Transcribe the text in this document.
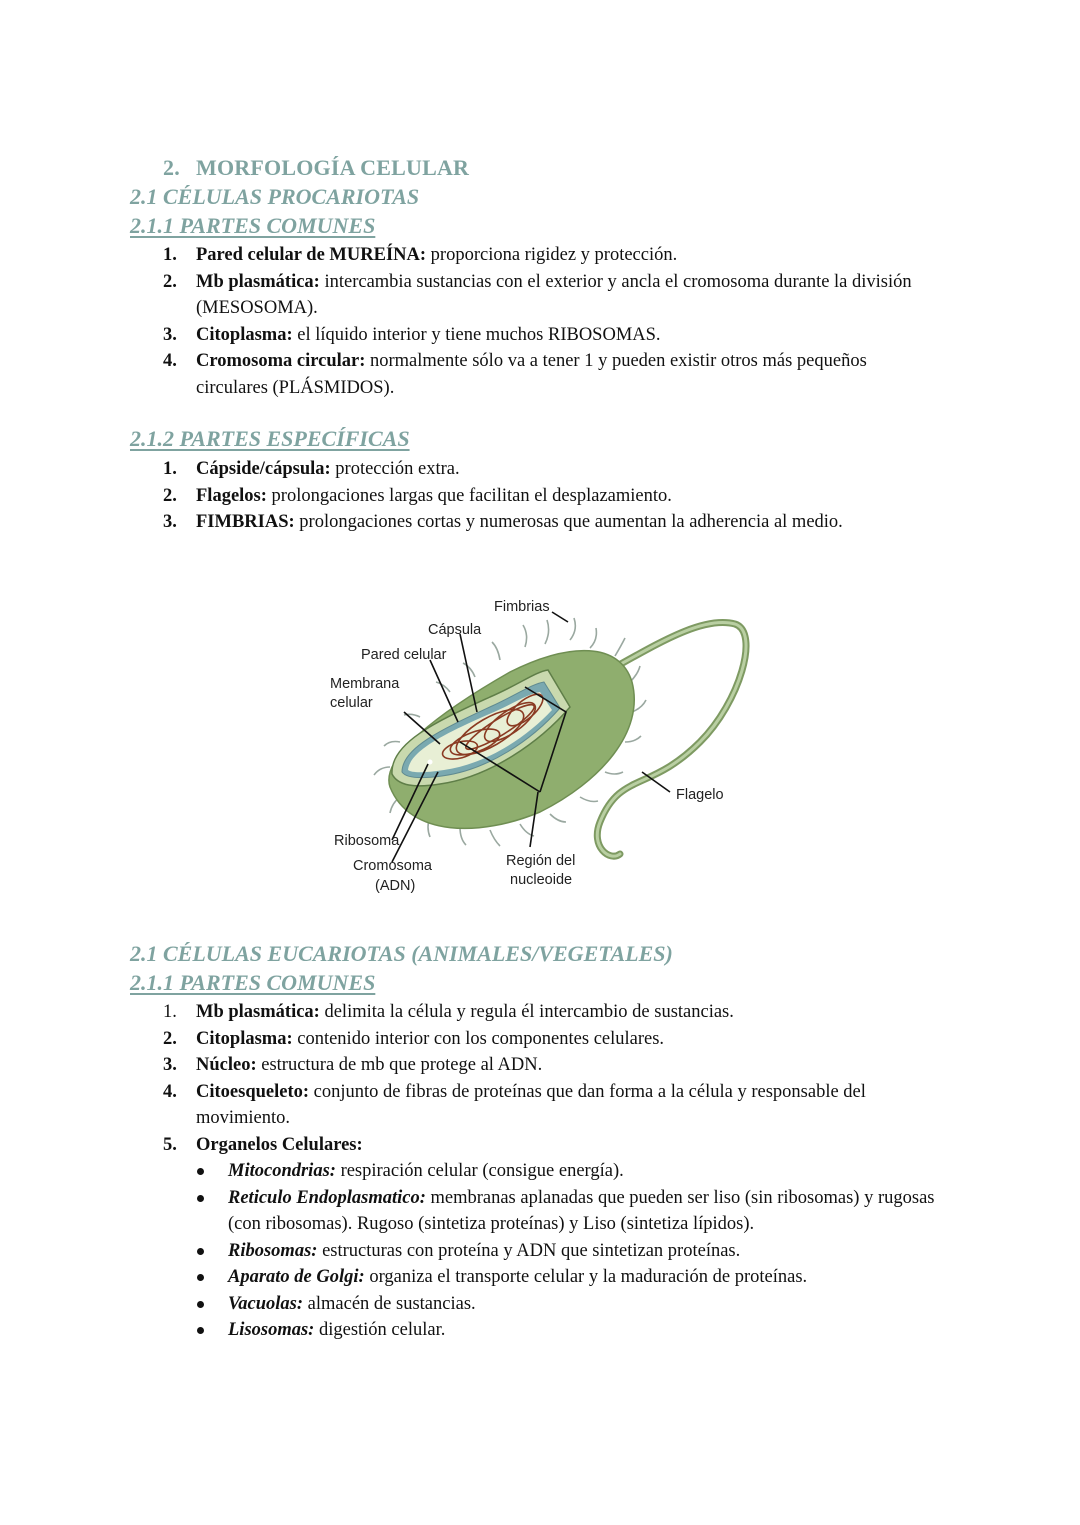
2. MORFOLOGÍA CELULAR
2.1 CÉLULAS PROCARIOTAS
2.1.1 PARTES COMUNES
1. Pared celular de MUREÍNA: proporciona rigidez y protección.
2. Mb plasmática: intercambia sustancias con el exterior y ancla el cromosoma durante la división (MESOSOMA).
3. Citoplasma: el líquido interior y tiene muchos RIBOSOMAS.
4. Cromosoma circular: normalmente sólo va a tener 1 y pueden existir otros más pequeños circulares (PLÁSMIDOS).
2.1.2 PARTES ESPECÍFICAS
1. Cápside/cápsula: protección extra.
2. Flagelos: prolongaciones largas que facilitan el desplazamiento.
3. FIMBRIAS: prolongaciones cortas y numerosas que aumentan la adherencia al medio.
Fimbrias
Cápsula
Pared celular
Membrana
celular
Flagelo
Ribosoma
Cromosoma
(ADN)
Región del
nucleoide
2.1 CÉLULAS EUCARIOTAS (ANIMALES/VEGETALES)
2.1.1 PARTES COMUNES
1. Mb plasmática: delimita la célula y regula él intercambio de sustancias.
2. Citoplasma: contenido interior con los componentes celulares.
3. Núcleo: estructura de mb que protege al ADN.
4. Citoesqueleto: conjunto de fibras de proteínas que dan forma a la célula y responsable del movimiento.
5. Organelos Celulares:
Mitocondrias: respiración celular (consigue energía).
Reticulo Endoplasmatico: membranas aplanadas que pueden ser liso (sin ribosomas) y rugosas (con ribosomas). Rugoso (sintetiza proteínas) y Liso (sintetiza lípidos).
Ribosomas: estructuras con proteína y ADN que sintetizan proteínas.
Aparato de Golgi: organiza el transporte celular y la maduración de proteínas.
Vacuolas: almacén de sustancias.
Lisosomas: digestión celular.
